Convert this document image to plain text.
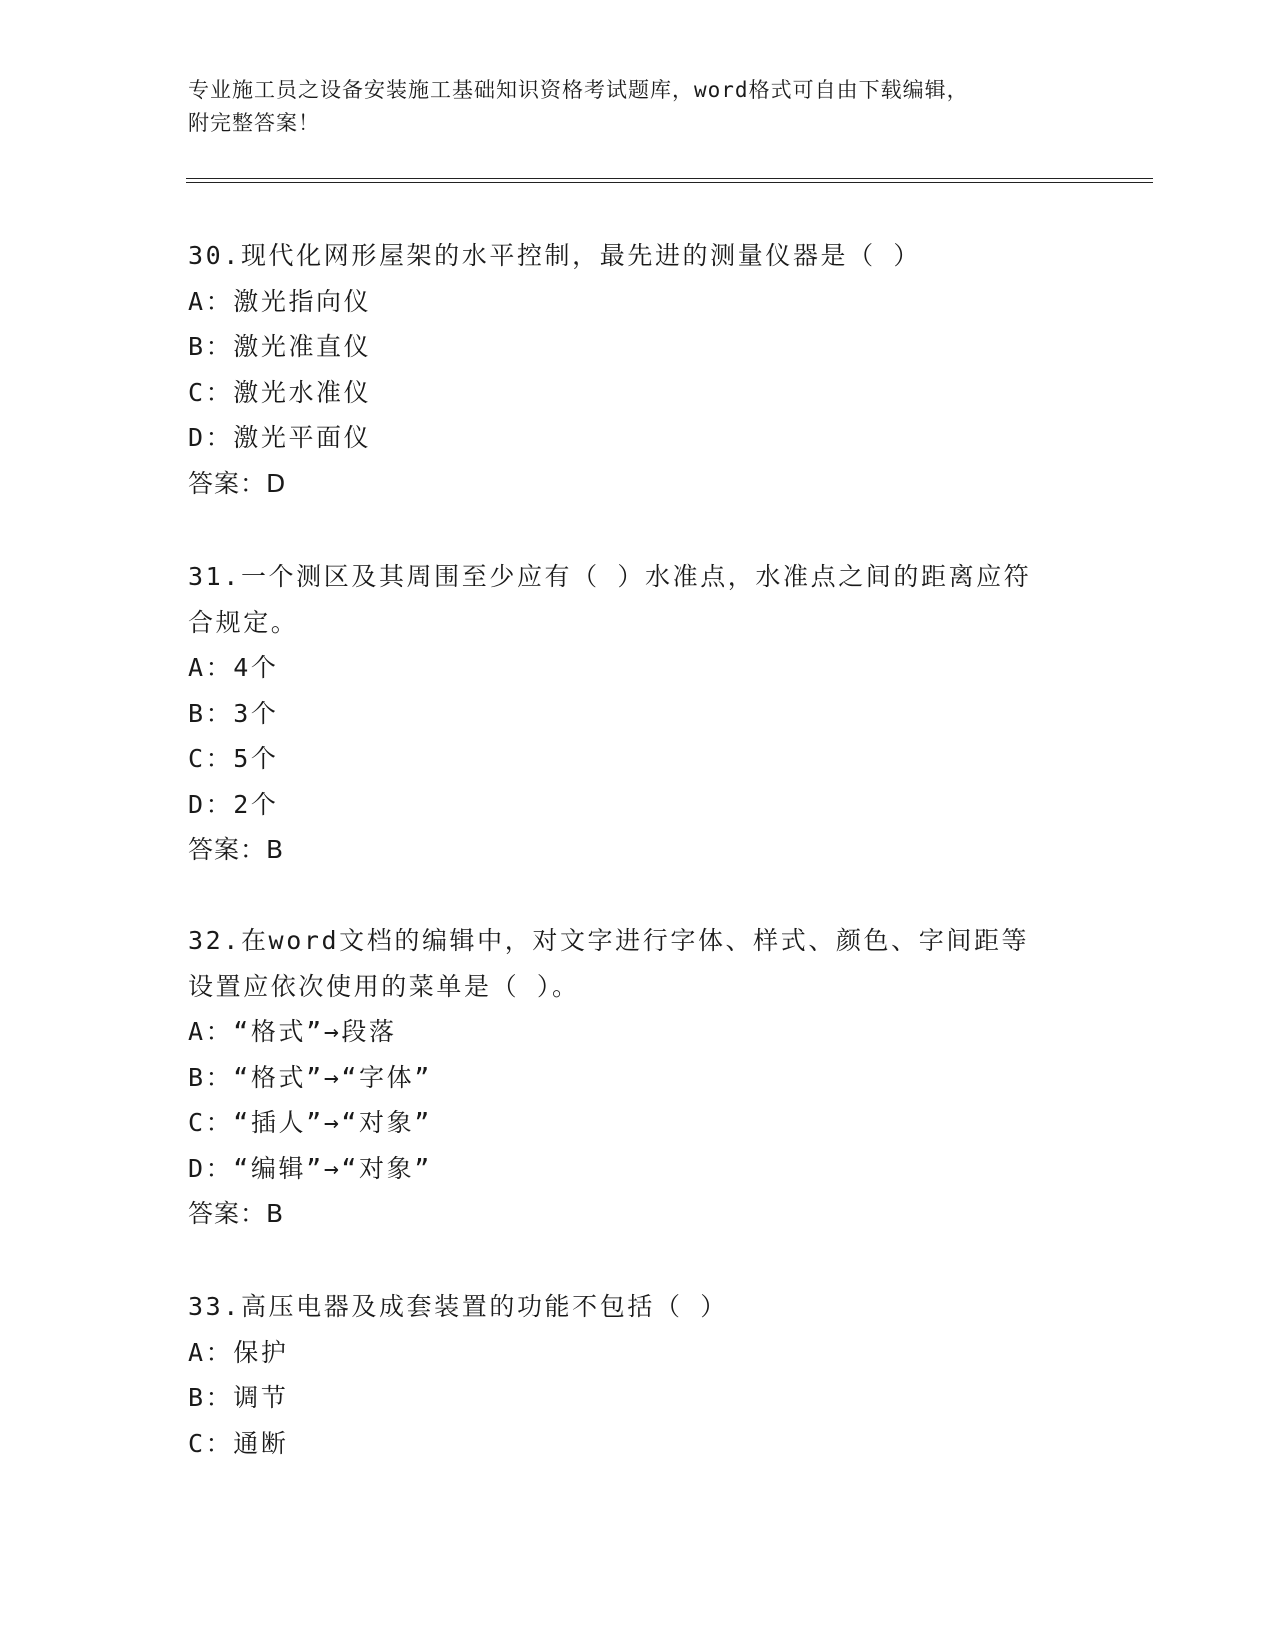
专业施工员之设备安装施工基础知识资格考试题库，word格式可自由下载编辑，
附完整答案！
30.现代化网形屋架的水平控制，最先进的测量仪器是（ ）
A：激光指向仪
B：激光准直仪
C：激光水准仪
D：激光平面仪
答案：D
31.一个测区及其周围至少应有（ ）水准点，水准点之间的距离应符
合规定。
A：4个
B：3个
C：5个
D：2个
答案：B
32.在word文档的编辑中，对文字进行字体、样式、颜色、字间距等
设置应依次使用的菜单是（ ）。
A：“格式”→段落
B：“格式”→“字体”
C：“插人”→“对象”
D：“编辑”→“对象”
答案：B
33.高压电器及成套装置的功能不包括（ ）
A：保护
B：调节
C：通断
